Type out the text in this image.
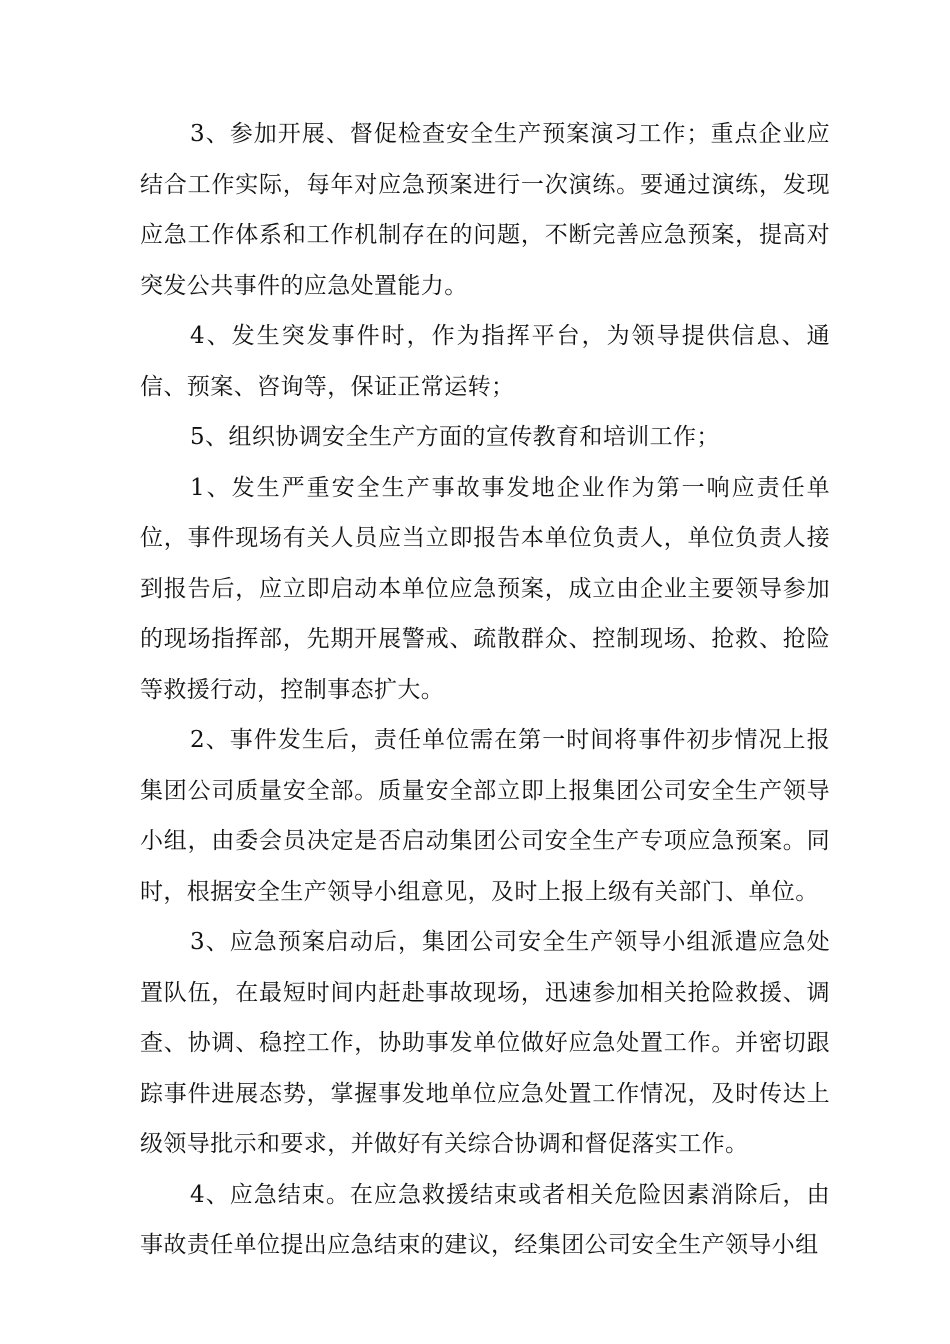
3、参加开展、督促检查安全生产预案演习工作；重点企业应结合工作实际，每年对应急预案进行一次演练。要通过演练，发现应急工作体系和工作机制存在的问题，不断完善应急预案，提高对突发公共事件的应急处置能力。

4、发生突发事件时，作为指挥平台，为领导提供信息、通信、预案、咨询等，保证正常运转；

5、组织协调安全生产方面的宣传教育和培训工作；

1、发生严重安全生产事故事发地企业作为第一响应责任单位，事件现场有关人员应当立即报告本单位负责人，单位负责人接到报告后，应立即启动本单位应急预案，成立由企业主要领导参加的现场指挥部，先期开展警戒、疏散群众、控制现场、抢救、抢险等救援行动，控制事态扩大。

2、事件发生后，责任单位需在第一时间将事件初步情况上报集团公司质量安全部。质量安全部立即上报集团公司安全生产领导小组，由委会员决定是否启动集团公司安全生产专项应急预案。同时，根据安全生产领导小组意见，及时上报上级有关部门、单位。

3、应急预案启动后，集团公司安全生产领导小组派遣应急处置队伍，在最短时间内赶赴事故现场，迅速参加相关抢险救援、调查、协调、稳控工作，协助事发单位做好应急处置工作。并密切跟踪事件进展态势，掌握事发地单位应急处置工作情况，及时传达上级领导批示和要求，并做好有关综合协调和督促落实工作。

4、应急结束。在应急救援结束或者相关危险因素消除后，由事故责任单位提出应急结束的建议，经集团公司安全生产领导小组
